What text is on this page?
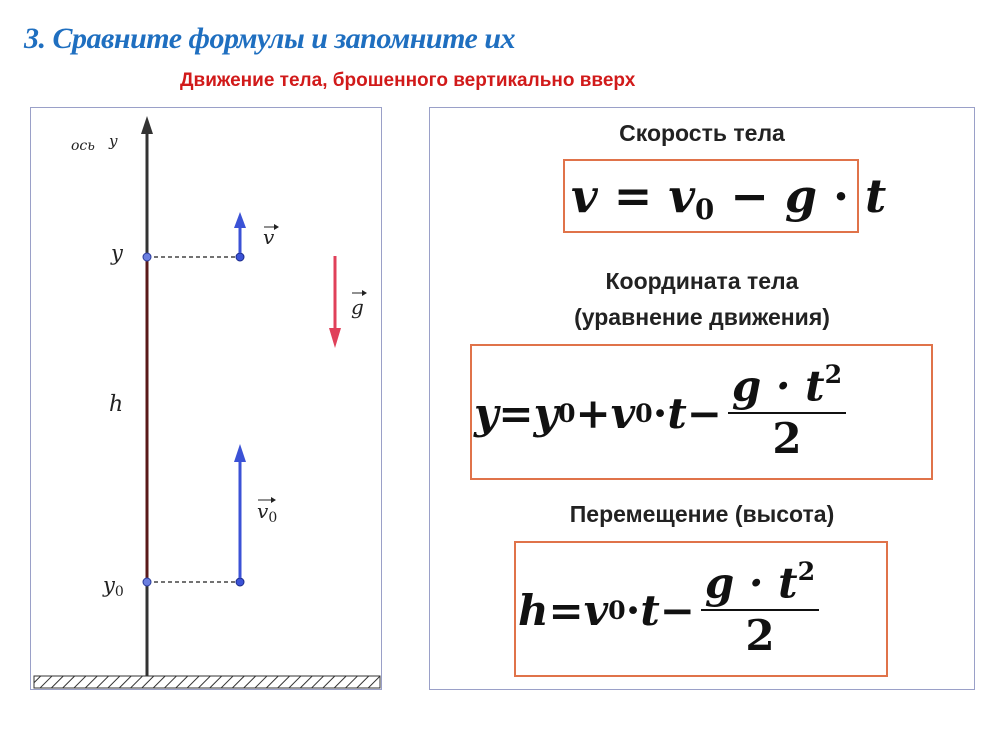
3. Сравните формулы и запомните их
Движение тела, брошенного вертикально вверх
ось y
y
h
y0
v
g
$v_0$
Скорость тела
$v = v_0 - g \cdot t$
Координата тела
(уравнение движения)
y = y 0 + v $0 \cdot t - \frac{g \cdot t^2}{2}$
Перемещение (высота)
h = v $0 \cdot t - \frac{g \cdot t^2}{2}$
